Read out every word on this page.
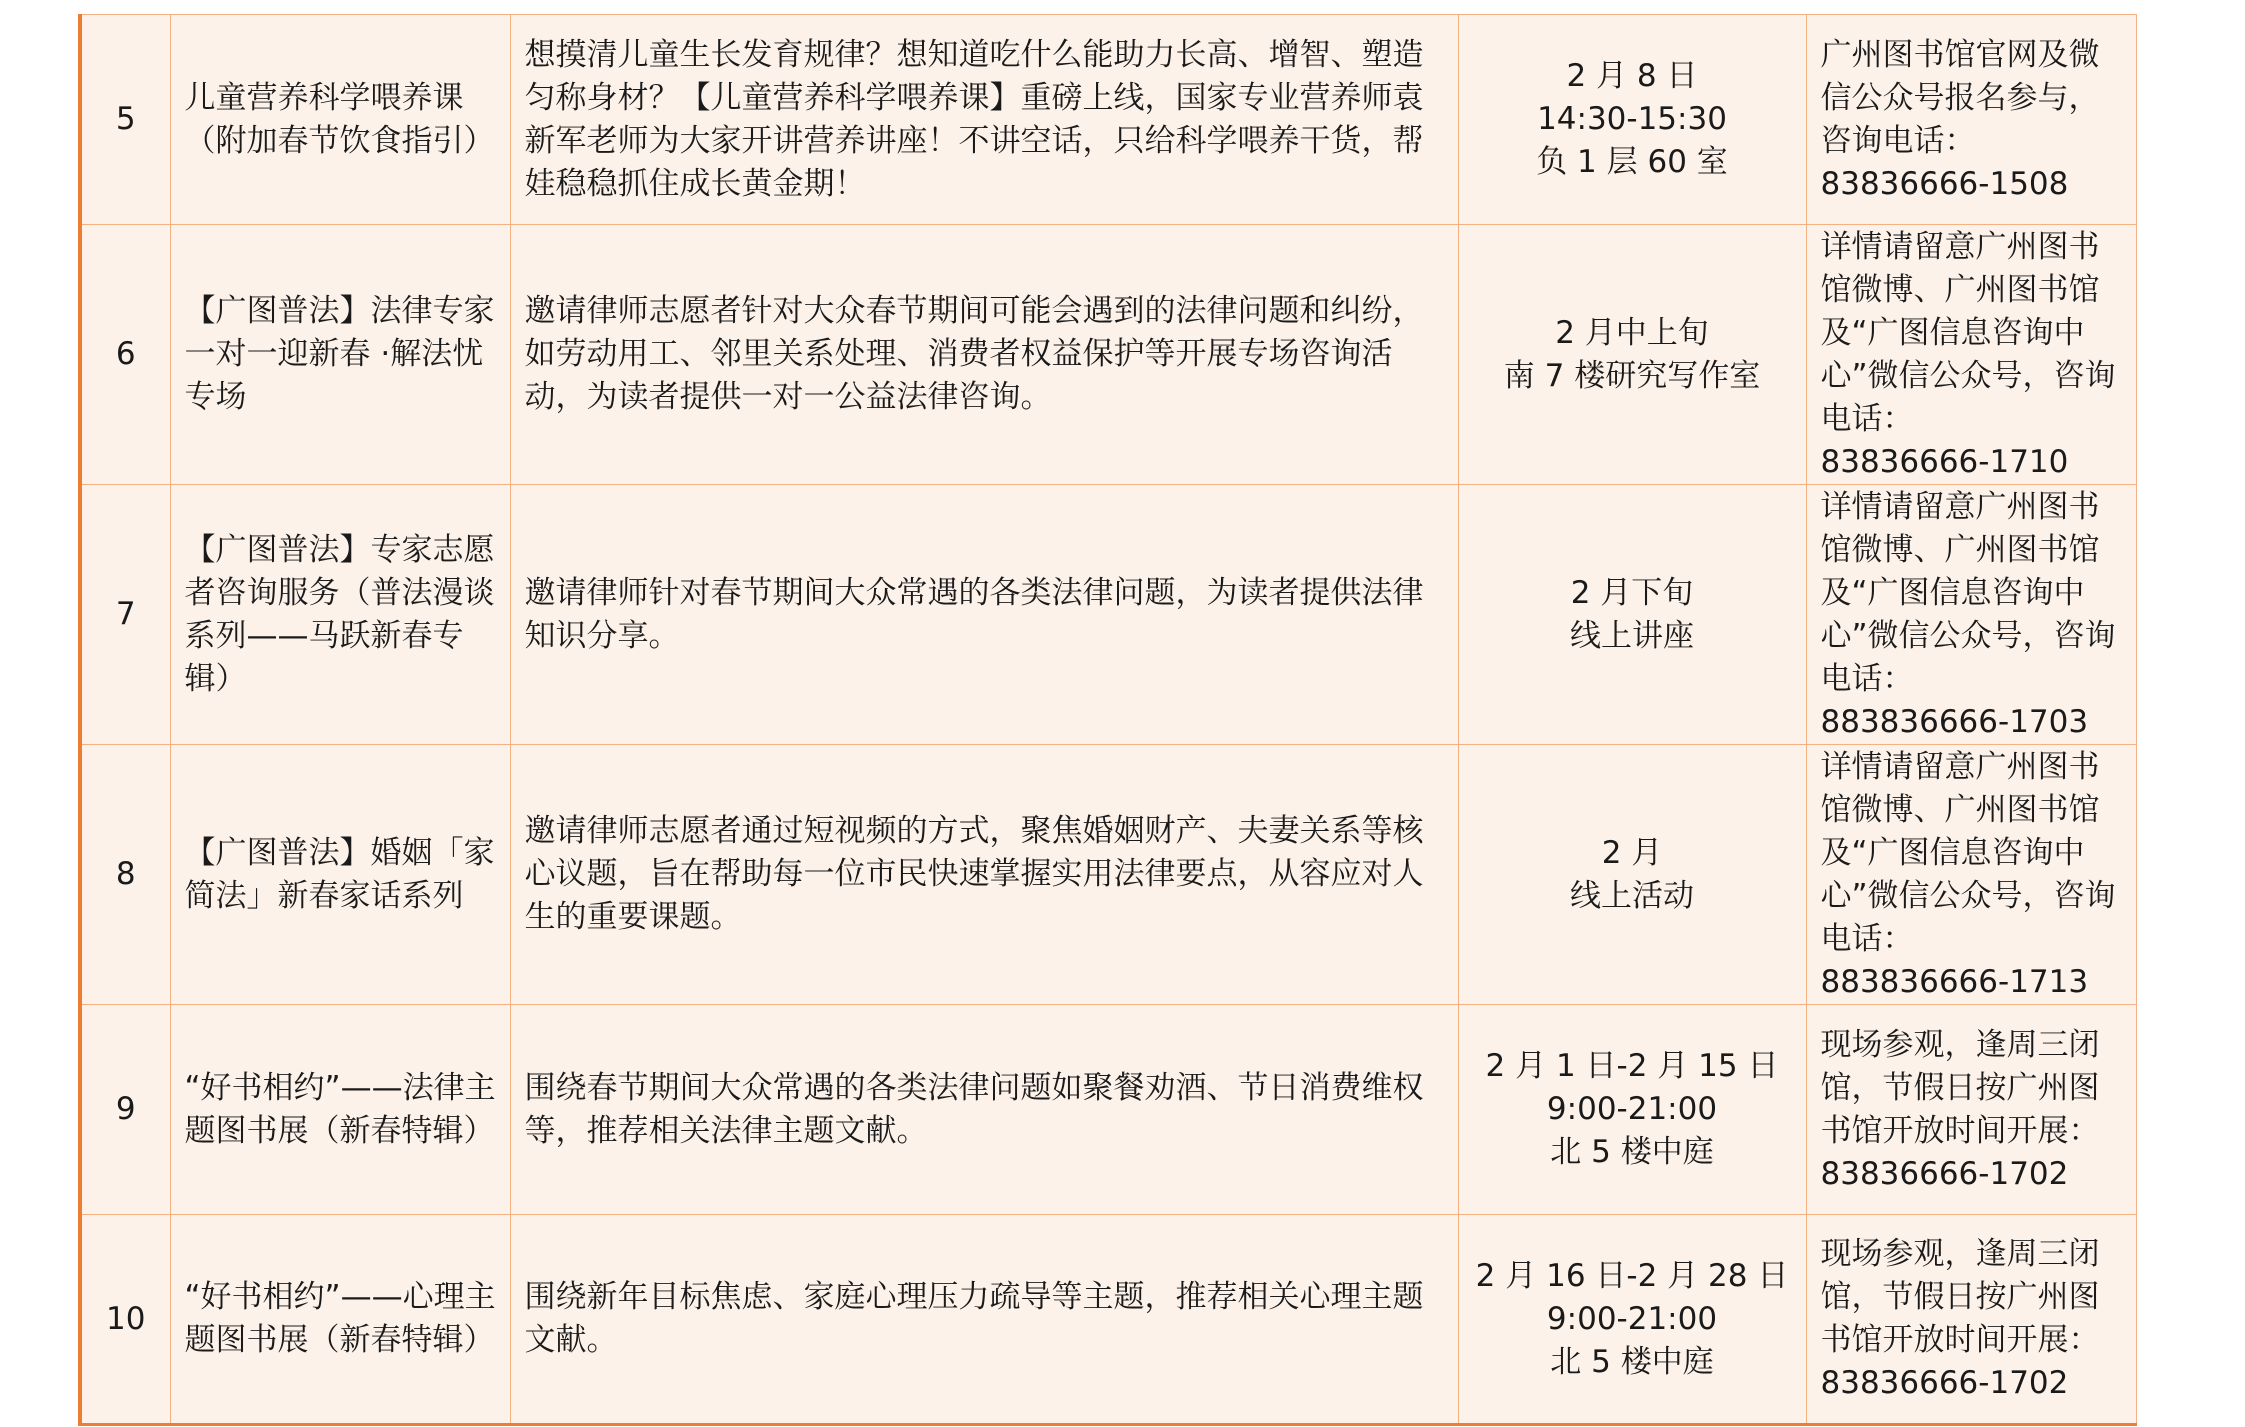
5	儿童营养科学喂养课（附加春节饮食指引）	想摸清儿童生长发育规律？想知道吃什么能助力长高、增智、塑造匀称身材？【儿童营养科学喂养课】重磅上线，国家专业营养师袁新军老师为大家开讲营养讲座！不讲空话，只给科学喂养干货，帮娃稳稳抓住成长黄金期！	2 月 8 日
14:30-15:30
负 1 层 60 室	广州图书馆官网及微信公众号报名参与，咨询电话：
83836666-1508
6	【广图普法】法律专家一对一迎新春 ·解法忧专场	邀请律师志愿者针对大众春节期间可能会遇到的法律问题和纠纷，如劳动用工、邻里关系处理、消费者权益保护等开展专场咨询活动，为读者提供一对一公益法律咨询。	2 月中上旬
南 7 楼研究写作室	详情请留意广州图书馆微博、广州图书馆及“广图信息咨询中心”微信公众号，咨询电话：
83836666-1710
7	【广图普法】专家志愿者咨询服务（普法漫谈系列——马跃新春专辑）	邀请律师针对春节期间大众常遇的各类法律问题，为读者提供法律知识分享。	2 月下旬
线上讲座	详情请留意广州图书馆微博、广州图书馆及“广图信息咨询中心”微信公众号，咨询电话：
883836666-1703
8	【广图普法】婚姻「家简法」新春家话系列	邀请律师志愿者通过短视频的方式，聚焦婚姻财产、夫妻关系等核心议题，旨在帮助每一位市民快速掌握实用法律要点，从容应对人生的重要课题。	2 月
线上活动	详情请留意广州图书馆微博、广州图书馆及“广图信息咨询中心”微信公众号，咨询电话：
883836666-1713
9	“好书相约”——法律主题图书展（新春特辑）	围绕春节期间大众常遇的各类法律问题如聚餐劝酒、节日消费维权等，推荐相关法律主题文献。	2 月 1 日-2 月 15 日
9:00-21:00
北 5 楼中庭	现场参观，逢周三闭馆，节假日按广州图书馆开放时间开展：
83836666-1702
10	“好书相约”——心理主题图书展（新春特辑）	围绕新年目标焦虑、家庭心理压力疏导等主题，推荐相关心理主题文献。	2 月 16 日-2 月 28 日
9:00-21:00
北 5 楼中庭	现场参观，逢周三闭馆，节假日按广州图书馆开放时间开展：
83836666-1702
